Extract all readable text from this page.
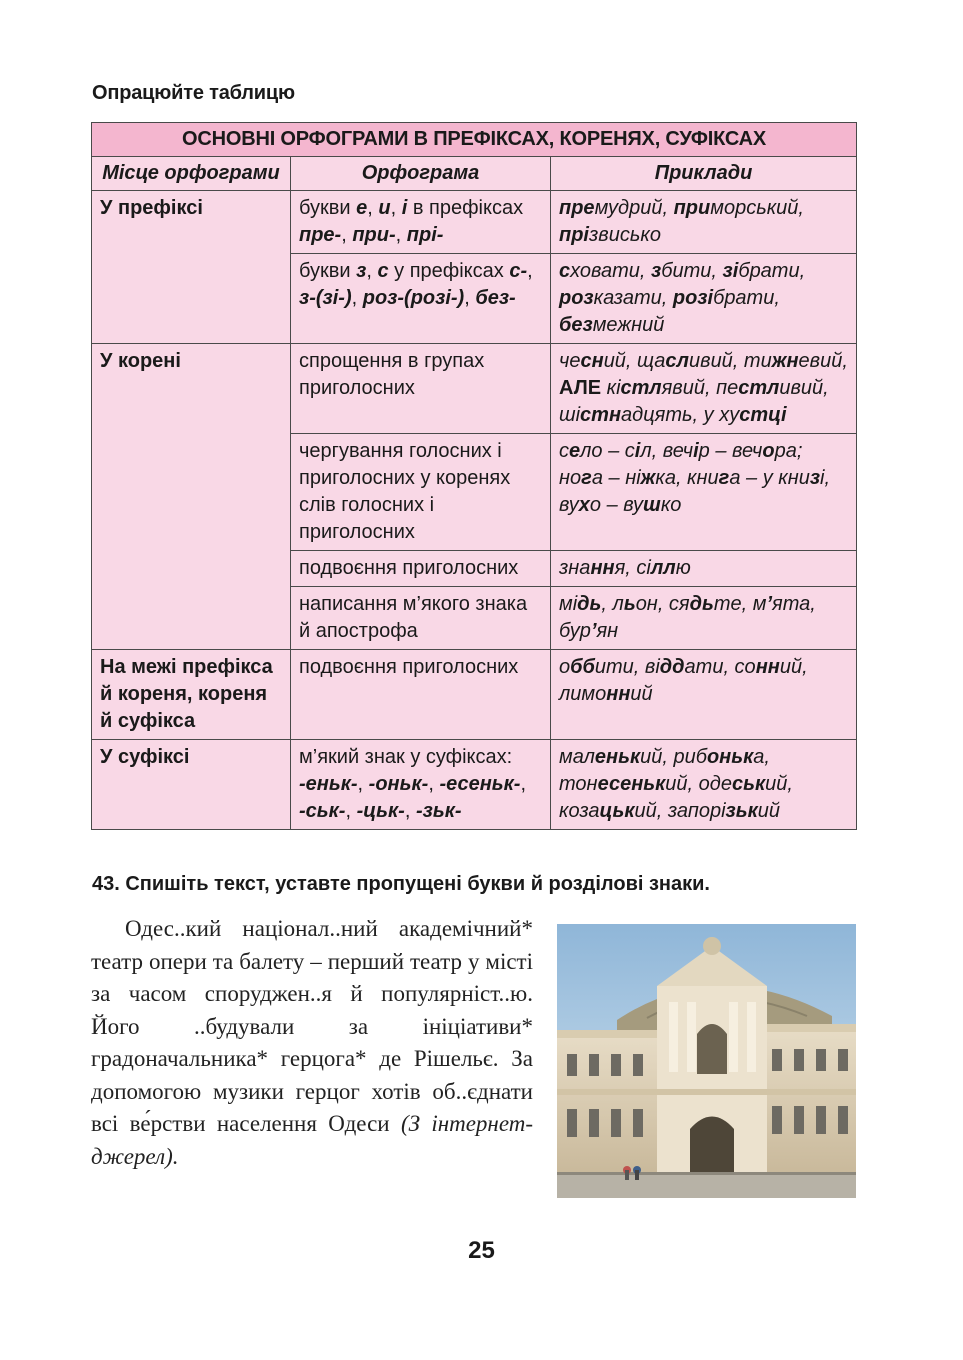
Опрацюйте таблицю
ОСНОВНІ ОРФОГРАМИ В ПРЕФІКСАХ, КОРЕНЯХ, СУФІКСАХ		
Місце орфограми	Орфограма	Приклади
У префіксі	букви е, и, і в префіксах пре-, при-, прі-	премудрий, приморський, прізвисько
	букви з, с у префіксах с-, з-(зі-), роз-(розі-), без-	сховати, збити, зібрати, розказати, розібрати, безмежний
У корені	спрощення в групах приголосних	чесний, щасливий, тижневий, АЛЕ кістлявий, пестливий, шістнадцять, у хустці
	чергування голосних і приголосних у коренях слів голосних і приголосних	село – сіл, вечір – вечора; нога – ніжка, книга – у книзі, вухо – вушко
	подвоєння приголосних	знання, сіллю
	написання м’якого знака й апострофа	мідь, льон, сядьте, м’ята, бур’ян
На межі префікса й кореня, кореня й суфікса	подвоєння приголосних	оббити, віддати, сонний, лимонний
У суфіксі	м’який знак у суфіксах: -еньк-, -оньк-, -есеньк-, -ськ-, -цьк-, -зьк-	маленький, рибонька, тонесенький, одеський, козацький, запорізький
43. Спишіть текст, уставте пропущені букви й розділові знаки.
Одес..кий націонал..ний академічний* театр опери та балету – перший театр у місті за часом споруджен..я й популярніст..ю. Його ..будували за ініціативи* градоначальника* герцога* де Рішельє. За допомогою музики герцог хотів об..єднати всі ве́рстви населення Одеси (З інтернет-джерел).
25
